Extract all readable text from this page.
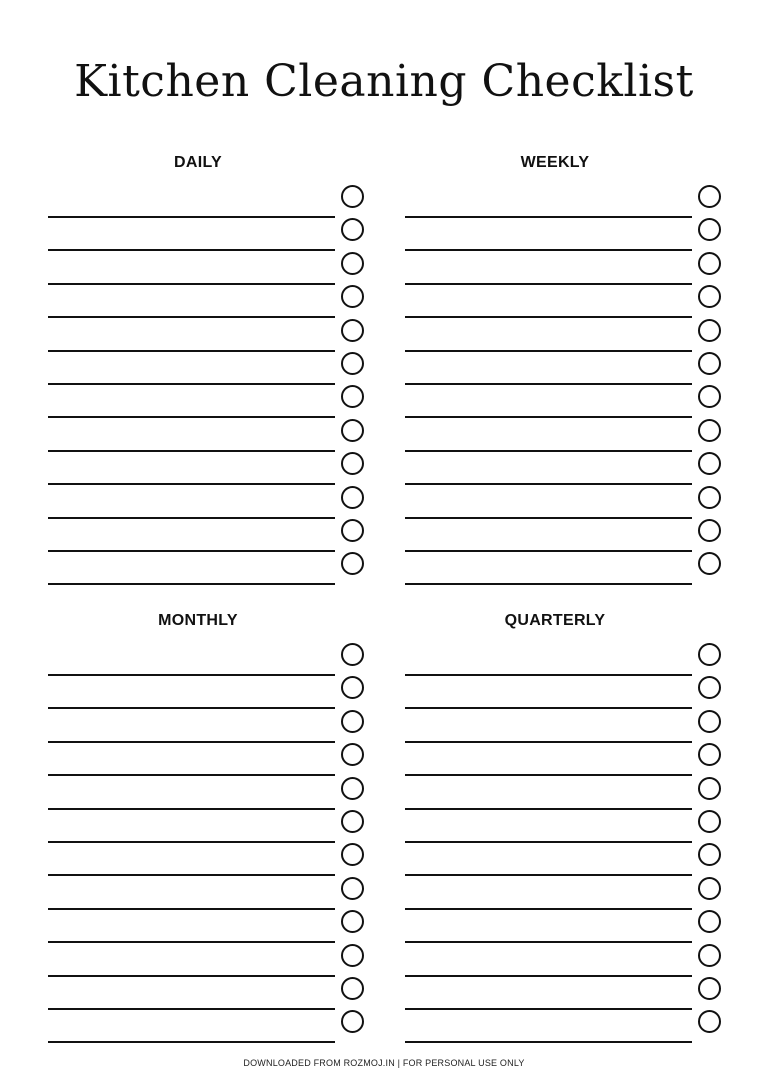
Kitchen Cleaning Checklist
DAILY	WEEKLY
MONTHLY	QUARTERLY
DOWNLOADED FROM ROZMOJ.IN | FOR PERSONAL USE ONLY
